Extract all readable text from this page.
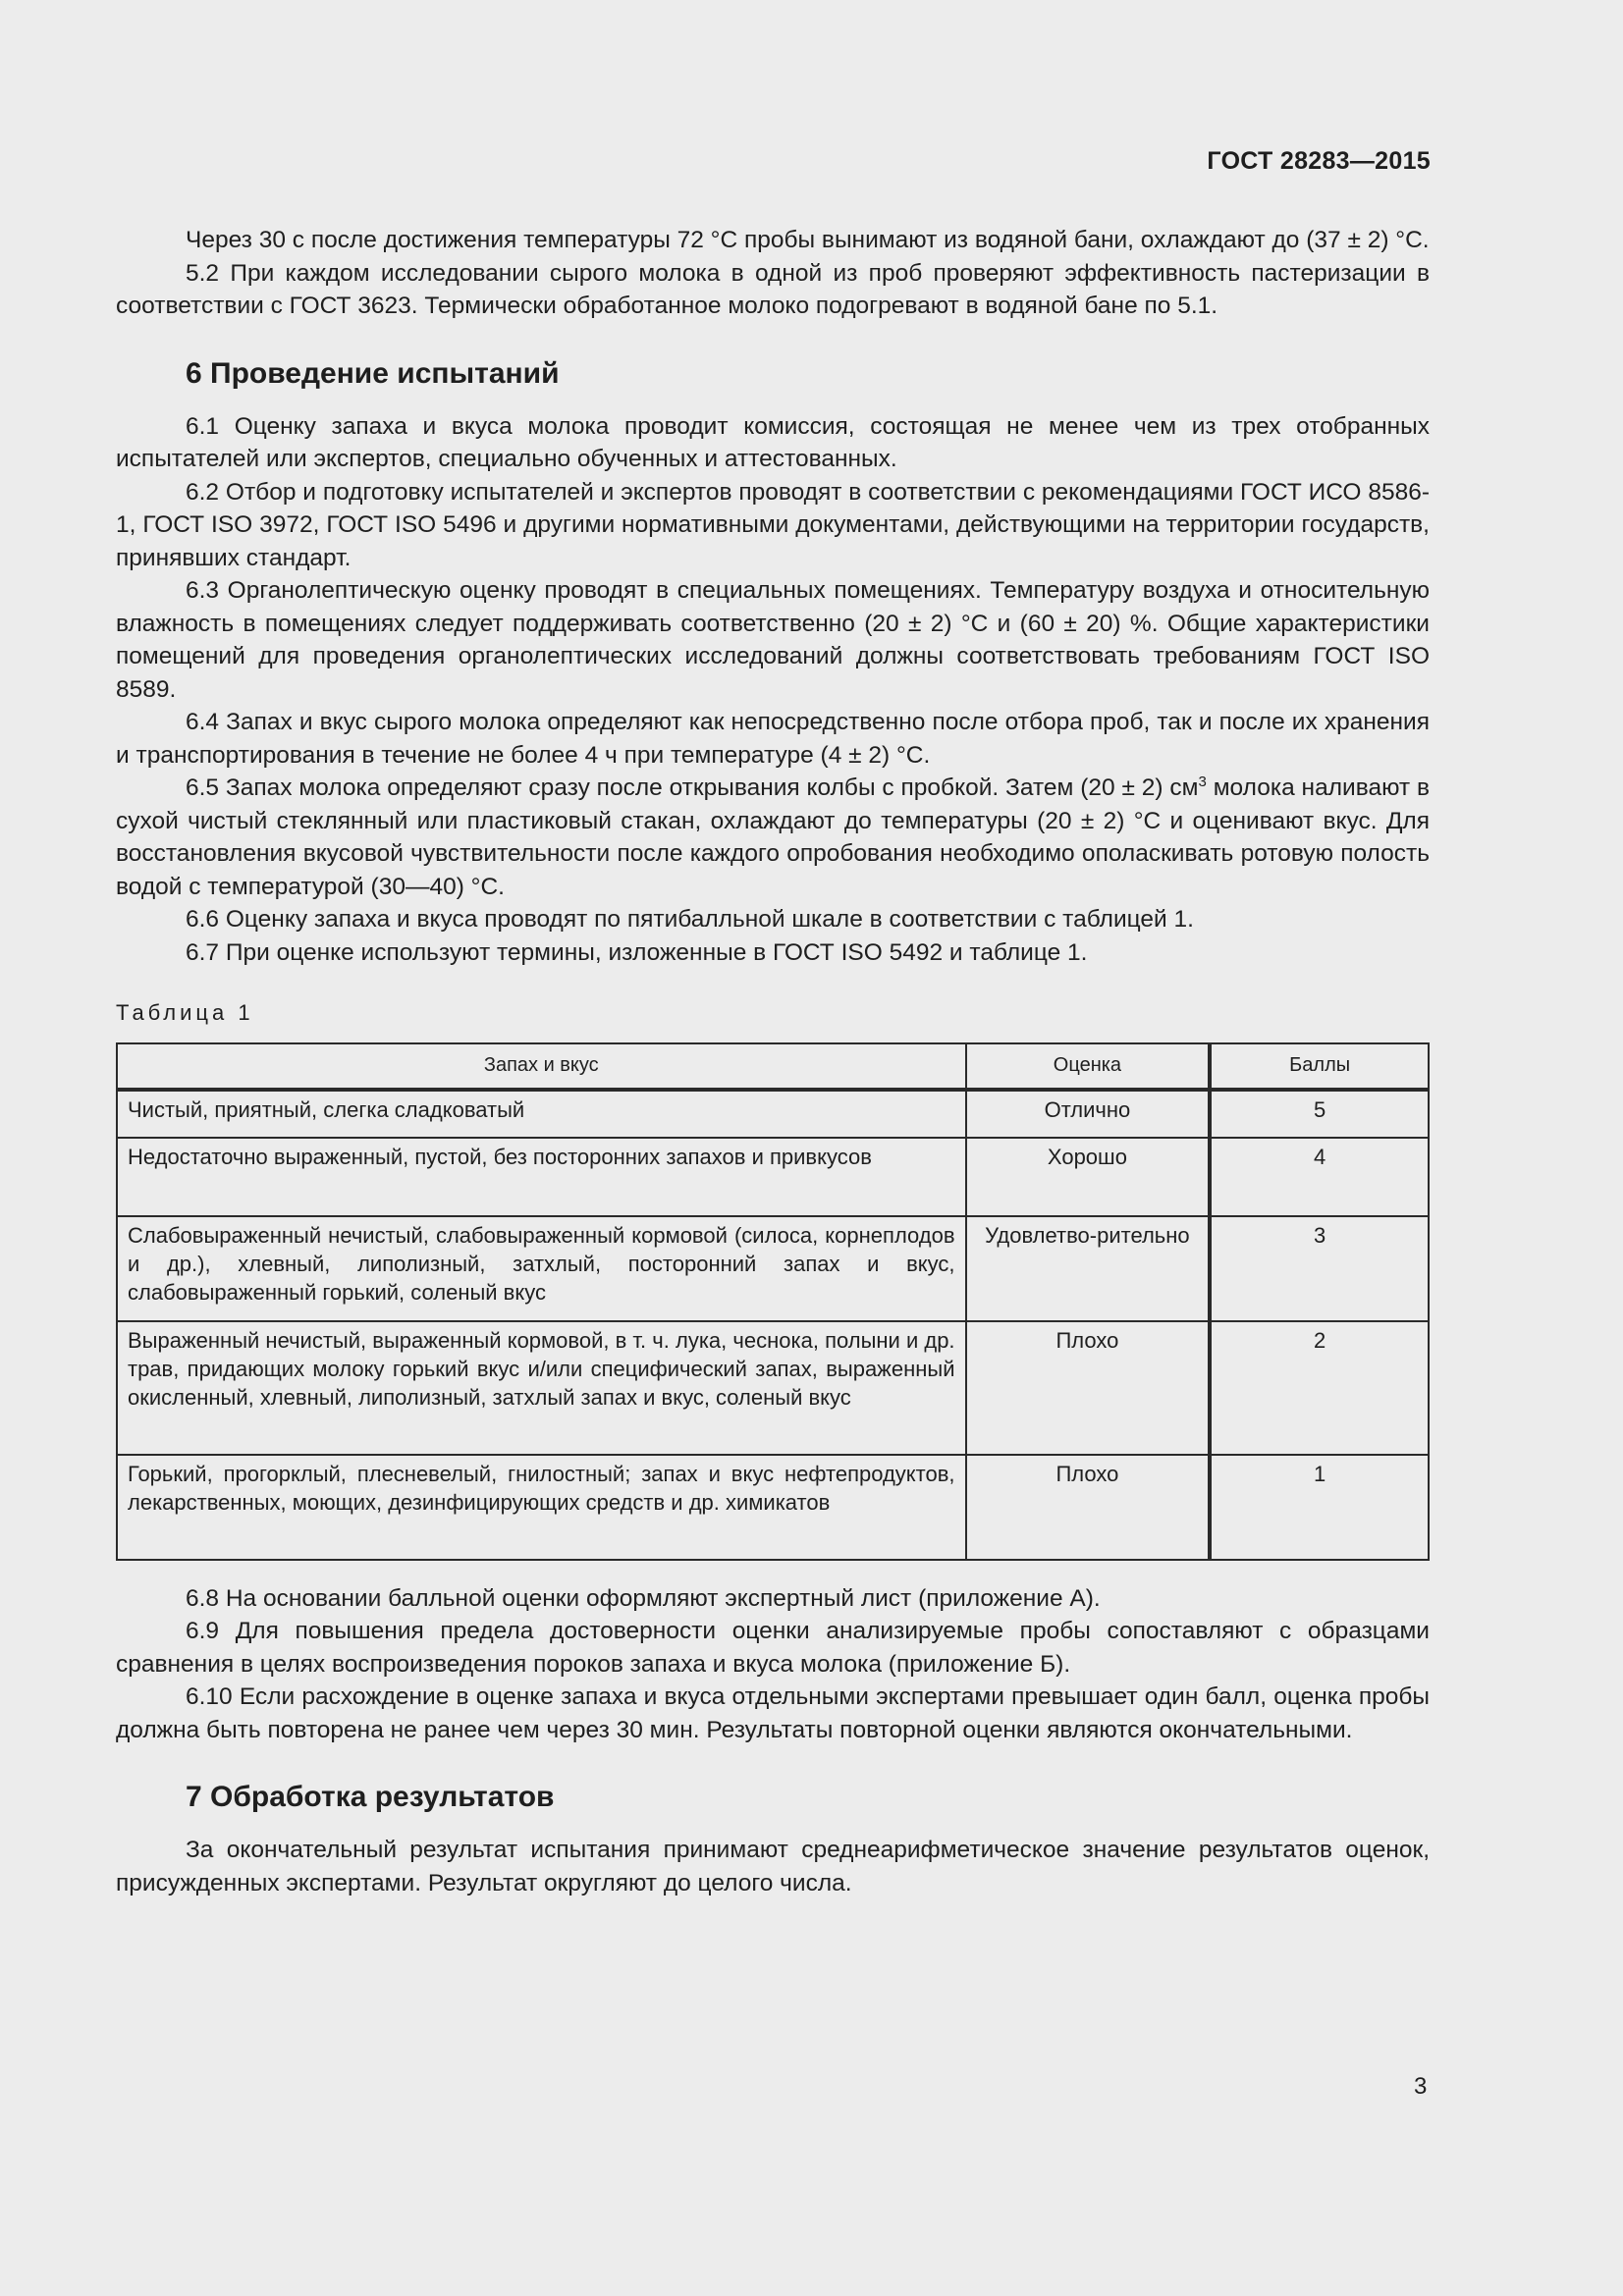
ГОСТ 28283—2015

Через 30 с после достижения температуры 72 °С пробы вынимают из водяной бани, охлаждают до (37 ± 2) °С.

5.2 При каждом исследовании сырого молока в одной из проб проверяют эффективность пастеризации в соответствии с ГОСТ 3623. Термически обработанное молоко подогревают в водяной бане по 5.1.

6 Проведение испытаний

6.1 Оценку запаха и вкуса молока проводит комиссия, состоящая не менее чем из трех отобранных испытателей или экспертов, специально обученных и аттестованных.

6.2 Отбор и подготовку испытателей и экспертов проводят в соответствии с рекомендациями ГОСТ ИСО 8586-1, ГОСТ ISO 3972, ГОСТ ISO 5496 и другими нормативными документами, действующими на территории государств, принявших стандарт.

6.3 Органолептическую оценку проводят в специальных помещениях. Температуру воздуха и относительную влажность в помещениях следует поддерживать соответственно (20 ± 2) °С и (60 ± 20) %. Общие характеристики помещений для проведения органолептических исследований должны соответствовать требованиям ГОСТ ISO 8589.

6.4 Запах и вкус сырого молока определяют как непосредственно после отбора проб, так и после их хранения и транспортирования в течение не более 4 ч при температуре (4 ± 2) °С.

6.5 Запах молока определяют сразу после открывания колбы с пробкой. Затем (20 ± 2) $см^3$ молока наливают в сухой чистый стеклянный или пластиковый стакан, охлаждают до температуры (20 ± 2) °С и оценивают вкус. Для восстановления вкусовой чувствительности после каждого опробования необходимо ополаскивать ротовую полость водой с температурой (30—40) °С.

6.6 Оценку запаха и вкуса проводят по пятибалльной шкале в соответствии с таблицей 1.

6.7 При оценке используют термины, изложенные в ГОСТ ISO 5492 и таблице 1.

Таблица 1

Запах и вкус	Оценка	Баллы
Чистый, приятный, слегка сладковатый	Отлично	5
Недостаточно выраженный, пустой, без посторонних запахов и привкусов	Хорошо	4
Слабовыраженный нечистый, слабовыраженный кормовой (силоса, корнеплодов и др.), хлевный, липолизный, затхлый, посторонний запах и вкус, слабовыраженный горький, соленый вкус	Удовлетво-рительно	3
Выраженный нечистый, выраженный кормовой, в т. ч. лука, чеснока, полыни и др. трав, придающих молоку горький вкус и/или специфический запах, выраженный окисленный, хлевный, липолизный, затхлый запах и вкус, соленый вкус	Плохо	2
Горький, прогорклый, плесневелый, гнилостный; запах и вкус нефтепродуктов, лекарственных, моющих, дезинфицирующих средств и др. химикатов	Плохо	1

6.8 На основании балльной оценки оформляют экспертный лист (приложение А).

6.9 Для повышения предела достоверности оценки анализируемые пробы сопоставляют с образцами сравнения в целях воспроизведения пороков запаха и вкуса молока (приложение Б).

6.10 Если расхождение в оценке запаха и вкуса отдельными экспертами превышает один балл, оценка пробы должна быть повторена не ранее чем через 30 мин. Результаты повторной оценки являются окончательными.

7 Обработка результатов

За окончательный результат испытания принимают среднеарифметическое значение результатов оценок, присужденных экспертами. Результат округляют до целого числа.

3
